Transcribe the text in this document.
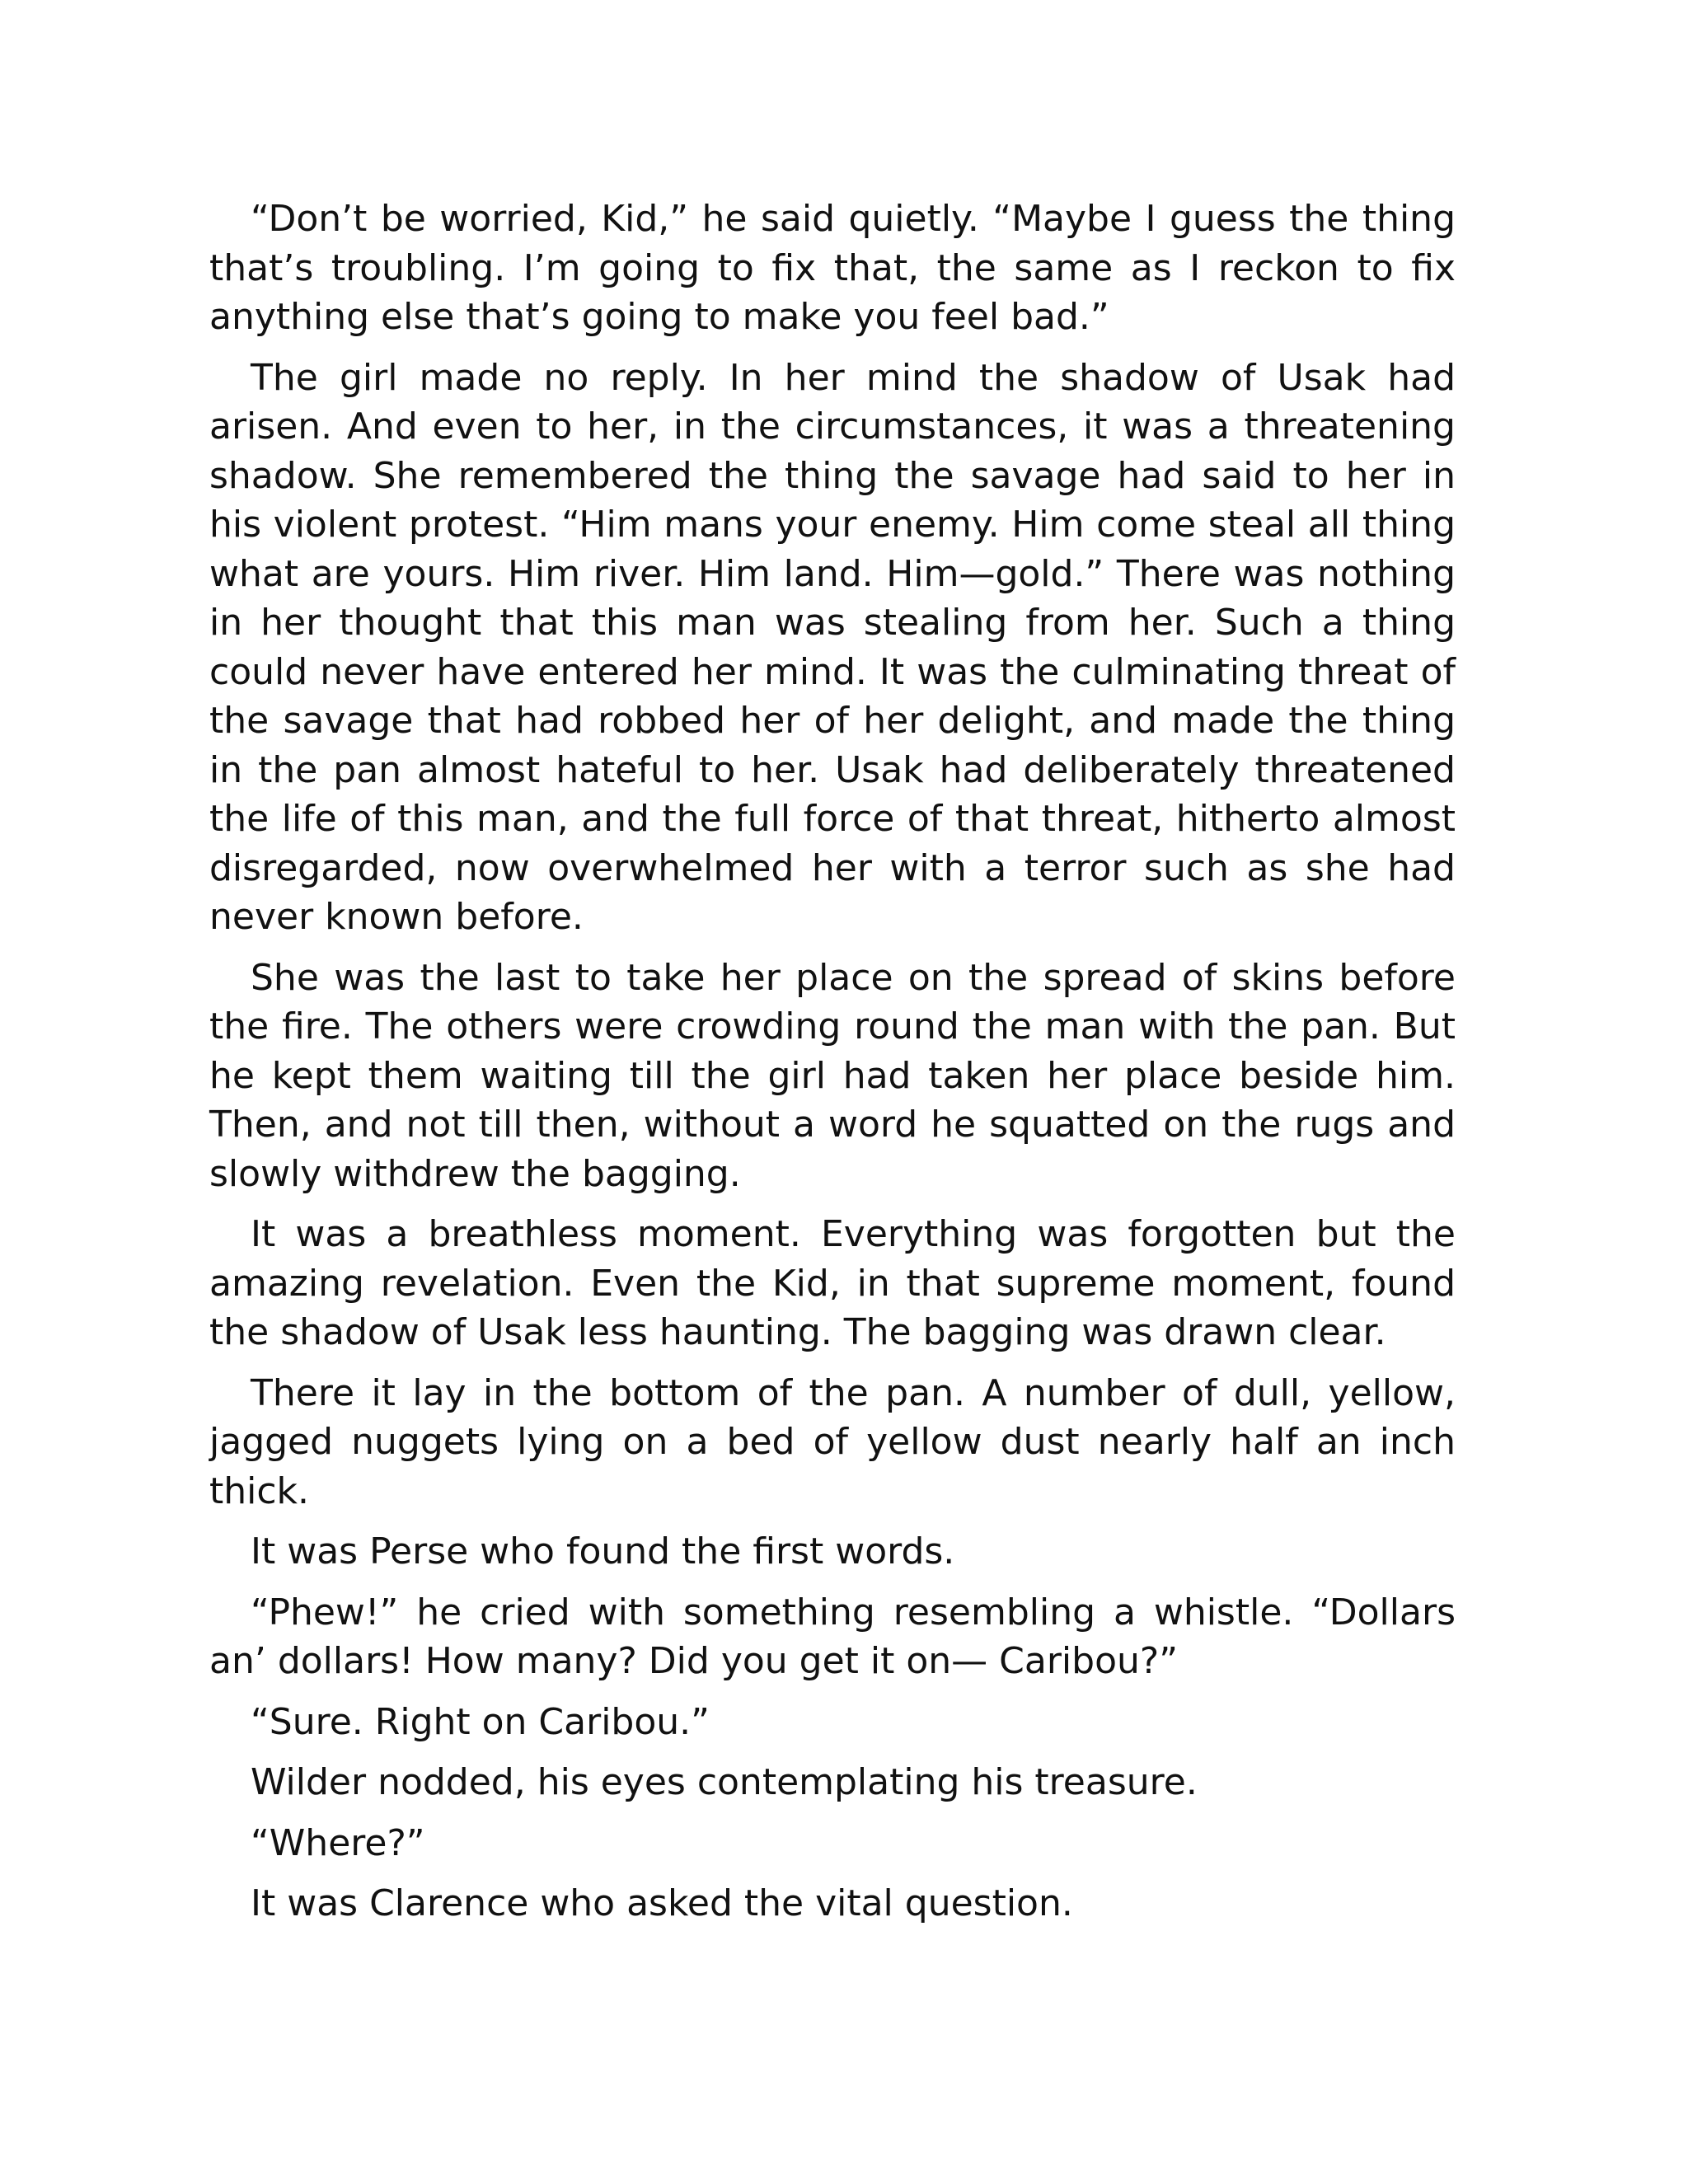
“Don’t be worried, Kid,” he said quietly. “Maybe I guess the thing that’s troubling. I’m going to fix that, the same as I reckon to fix anything else that’s going to make you feel bad.”

The girl made no reply. In her mind the shadow of Usak had arisen. And even to her, in the circumstances, it was a threatening shadow. She remembered the thing the savage had said to her in his violent protest. “Him mans your enemy. Him come steal all thing what are yours. Him river. Him land. Him—gold.” There was nothing in her thought that this man was stealing from her. Such a thing could never have entered her mind. It was the culminating threat of the savage that had robbed her of her delight, and made the thing in the pan almost hateful to her. Usak had deliberately threatened the life of this man, and the full force of that threat, hitherto almost disregarded, now overwhelmed her with a terror such as she had never known before.

She was the last to take her place on the spread of skins before the fire. The others were crowding round the man with the pan. But he kept them waiting till the girl had taken her place beside him. Then, and not till then, without a word he squatted on the rugs and slowly withdrew the bagging.

It was a breathless moment. Everything was forgotten but the amazing revelation. Even the Kid, in that supreme moment, found the shadow of Usak less haunting. The bagging was drawn clear.

There it lay in the bottom of the pan. A number of dull, yellow, jagged nuggets lying on a bed of yellow dust nearly half an inch thick.

It was Perse who found the first words.

“Phew!” he cried with something resembling a whistle. “Dollars an’ dollars! How many? Did you get it on— Caribou?”

“Sure. Right on Caribou.”

Wilder nodded, his eyes contemplating his treasure.

“Where?”

It was Clarence who asked the vital question.
